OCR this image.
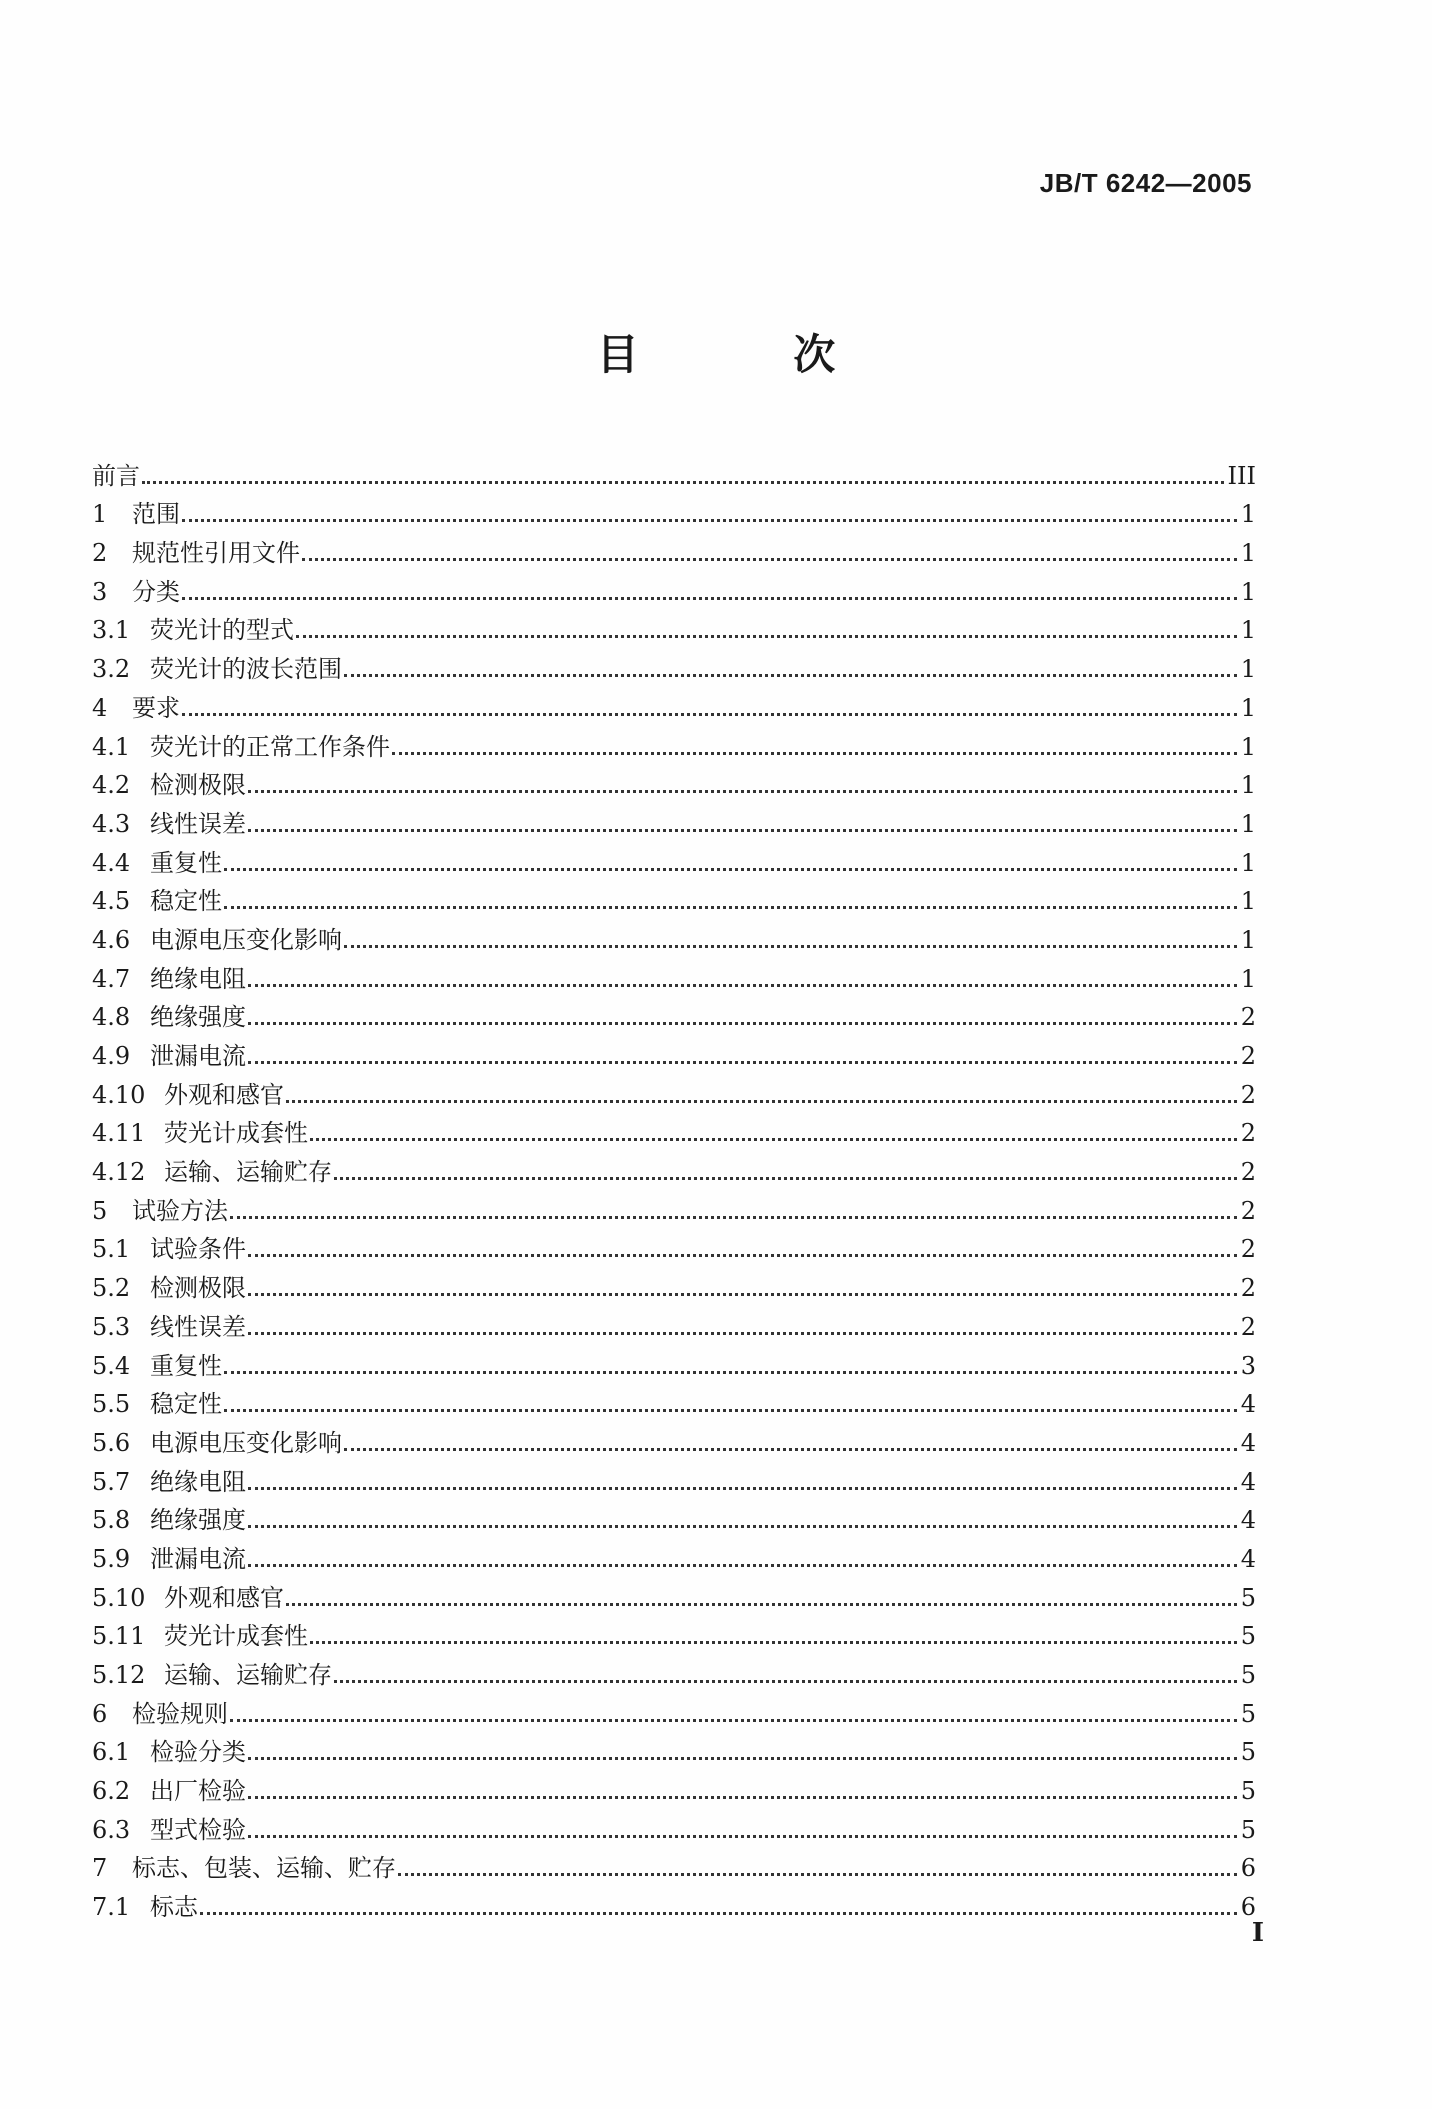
JB/T 6242—2005
目 次
前言	III
1	范围	1
2	规范性引用文件	1
3	分类	1
3.1 荧光计的型式	1
3.2 荧光计的波长范围	1
4	要求	1
4.1 荧光计的正常工作条件	1
4.2 检测极限	1
4.3 线性误差	1
4.4 重复性	1
4.5 稳定性	1
4.6 电源电压变化影响	1
4.7 绝缘电阻	1
4.8 绝缘强度	2
4.9 泄漏电流	2
4.10 外观和感官	2
4.11 荧光计成套性	2
4.12 运输、运输贮存	2
5	试验方法	2
5.1 试验条件	2
5.2 检测极限	2
5.3 线性误差	2
5.4 重复性	3
5.5 稳定性	4
5.6 电源电压变化影响	4
5.7 绝缘电阻	4
5.8 绝缘强度	4
5.9 泄漏电流	4
5.10 外观和感官	5
5.11 荧光计成套性	5
5.12 运输、运输贮存	5
6	检验规则	5
6.1 检验分类	5
6.2 出厂检验	5
6.3 型式检验	5
7	标志、包装、运输、贮存	6
7.1 标志	6
I
